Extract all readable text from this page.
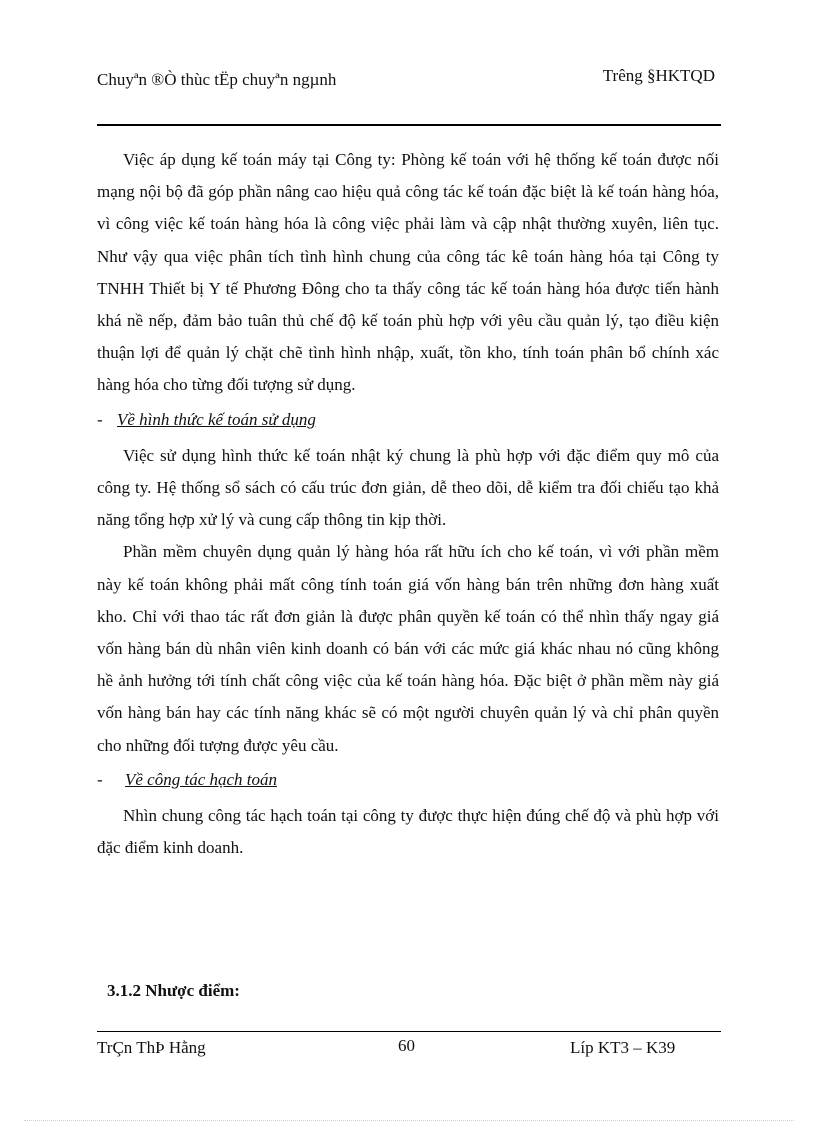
Chuyªn ®Ò thùc tËp chuyªn ngµnh	Trêng §HKTQD

Việc áp dụng kế toán máy tại Công ty: Phòng kế toán với hệ thống kế toán được nối mạng nội bộ đã góp phần nâng cao hiệu quả công tác kế toán đặc biệt là kế toán hàng hóa, vì công việc kế toán hàng hóa là công việc phải làm và cập nhật thường xuyên, liên tục. Như vậy qua việc phân tích tình hình chung của công tác kê toán hàng hóa tại Công ty TNHH Thiết bị Y tế Phương Đông cho ta thấy công tác kế toán hàng hóa được tiến hành khá nề nếp, đảm bảo tuân thủ chế độ kế toán phù hợp với yêu cầu quản lý, tạo điều kiện thuận lợi để quản lý chặt chẽ tình hình nhập, xuất, tồn kho, tính toán phân bổ chính xác hàng hóa cho từng đối tượng sử dụng.

- Về hình thức kế toán sử dụng

Việc sử dụng hình thức kế toán nhật ký chung là phù hợp với đặc điểm quy mô của công ty. Hệ thống sổ sách có cấu trúc đơn giản, dễ theo dõi, dễ kiểm tra đối chiếu tạo khả năng tổng hợp xử lý và cung cấp thông tin kịp thời.

Phần mềm chuyên dụng quản lý hàng hóa rất hữu ích cho kế toán, vì với phần mềm này kế toán không phải mất công tính toán giá vốn hàng bán trên những đơn hàng xuất kho. Chỉ với thao tác rất đơn giản là được phân quyền kế toán có thể nhìn thấy ngay giá vốn hàng bán dù nhân viên kinh doanh có bán với các mức giá khác nhau nó cũng không hề ảnh hưởng tới tính chất công việc của kế toán hàng hóa. Đặc biệt ở phần mềm này giá vốn hàng bán hay các tính năng khác sẽ có một người chuyên quản lý và chỉ phân quyền cho những đối tượng được yêu cầu.

- Về công tác hạch toán

Nhìn chung công tác hạch toán tại công ty được thực hiện đúng chế độ và phù hợp với đặc điểm kinh doanh.

3.1.2 Nhược điểm:
TrÇn ThÞ Hằng	60	Líp KT3 – K39
